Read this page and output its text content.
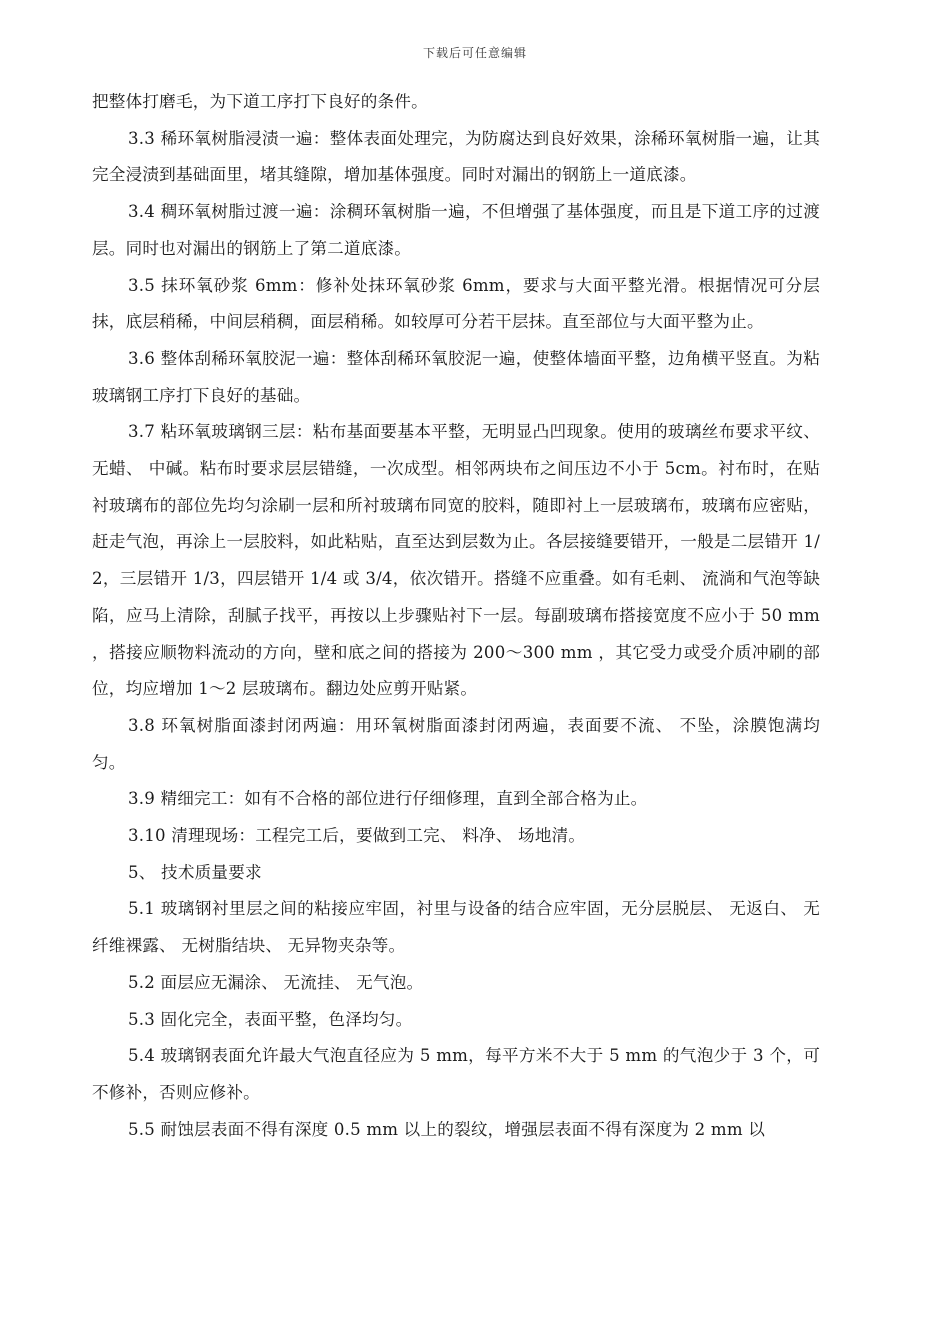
下载后可任意编辑

把整体打磨毛，为下道工序打下良好的条件。

3.3 稀环氧树脂浸渍一遍：整体表面处理完，为防腐达到良好效果，涂稀环氧树脂一遍，让其完全浸渍到基础面里，堵其缝隙，增加基体强度。同时对漏出的钢筋上一道底漆。

3.4 稠环氧树脂过渡一遍：涂稠环氧树脂一遍，不但增强了基体强度，而且是下道工序的过渡层。同时也对漏出的钢筋上了第二道底漆。

3.5 抹环氧砂浆 6mm：修补处抹环氧砂浆 6mm，要求与大面平整光滑。根据情况可分层抹，底层稍稀，中间层稍稠，面层稍稀。如较厚可分若干层抹。直至部位与大面平整为止。

3.6 整体刮稀环氧胶泥一遍：整体刮稀环氧胶泥一遍，使整体墙面平整，边角横平竖直。为粘玻璃钢工序打下良好的基础。

3.7 粘环氧玻璃钢三层：粘布基面要基本平整，无明显凸凹现象。使用的玻璃丝布要求平纹、 无蜡、 中碱。粘布时要求层层错缝，一次成型。相邻两块布之间压边不小于 5cm。衬布时，在贴衬玻璃布的部位先均匀涂刷一层和所衬玻璃布同宽的胶料，随即衬上一层玻璃布，玻璃布应密贴，赶走气泡，再涂上一层胶料，如此粘贴，直至达到层数为止。各层接缝要错开，一般是二层错开 1/2，三层错开 1/3，四层错开 1/4 或 3/4，依次错开。搭缝不应重叠。如有毛刺、 流淌和气泡等缺陷，应马上清除，刮腻子找平，再按以上步骤贴衬下一层。每副玻璃布搭接宽度不应小于 50 mm ，搭接应顺物料流动的方向，壁和底之间的搭接为 200～300 mm ，其它受力或受介质冲刷的部位，均应增加 1～2 层玻璃布。翻边处应剪开贴紧。

3.8 环氧树脂面漆封闭两遍：用环氧树脂面漆封闭两遍，表面要不流、 不坠，涂膜饱满均匀。

3.9 精细完工：如有不合格的部位进行仔细修理，直到全部合格为止。

3.10 清理现场：工程完工后，要做到工完、 料净、 场地清。

5、 技术质量要求

5.1 玻璃钢衬里层之间的粘接应牢固，衬里与设备的结合应牢固，无分层脱层、 无返白、 无纤维裸露、 无树脂结块、 无异物夹杂等。

5.2 面层应无漏涂、 无流挂、 无气泡。

5.3 固化完全，表面平整，色泽均匀。

5.4 玻璃钢表面允许最大气泡直径应为 5 mm，每平方米不大于 5 mm 的气泡少于 3 个，可不修补，否则应修补。

5.5 耐蚀层表面不得有深度 0.5 mm 以上的裂纹，增强层表面不得有深度为 2 mm 以
